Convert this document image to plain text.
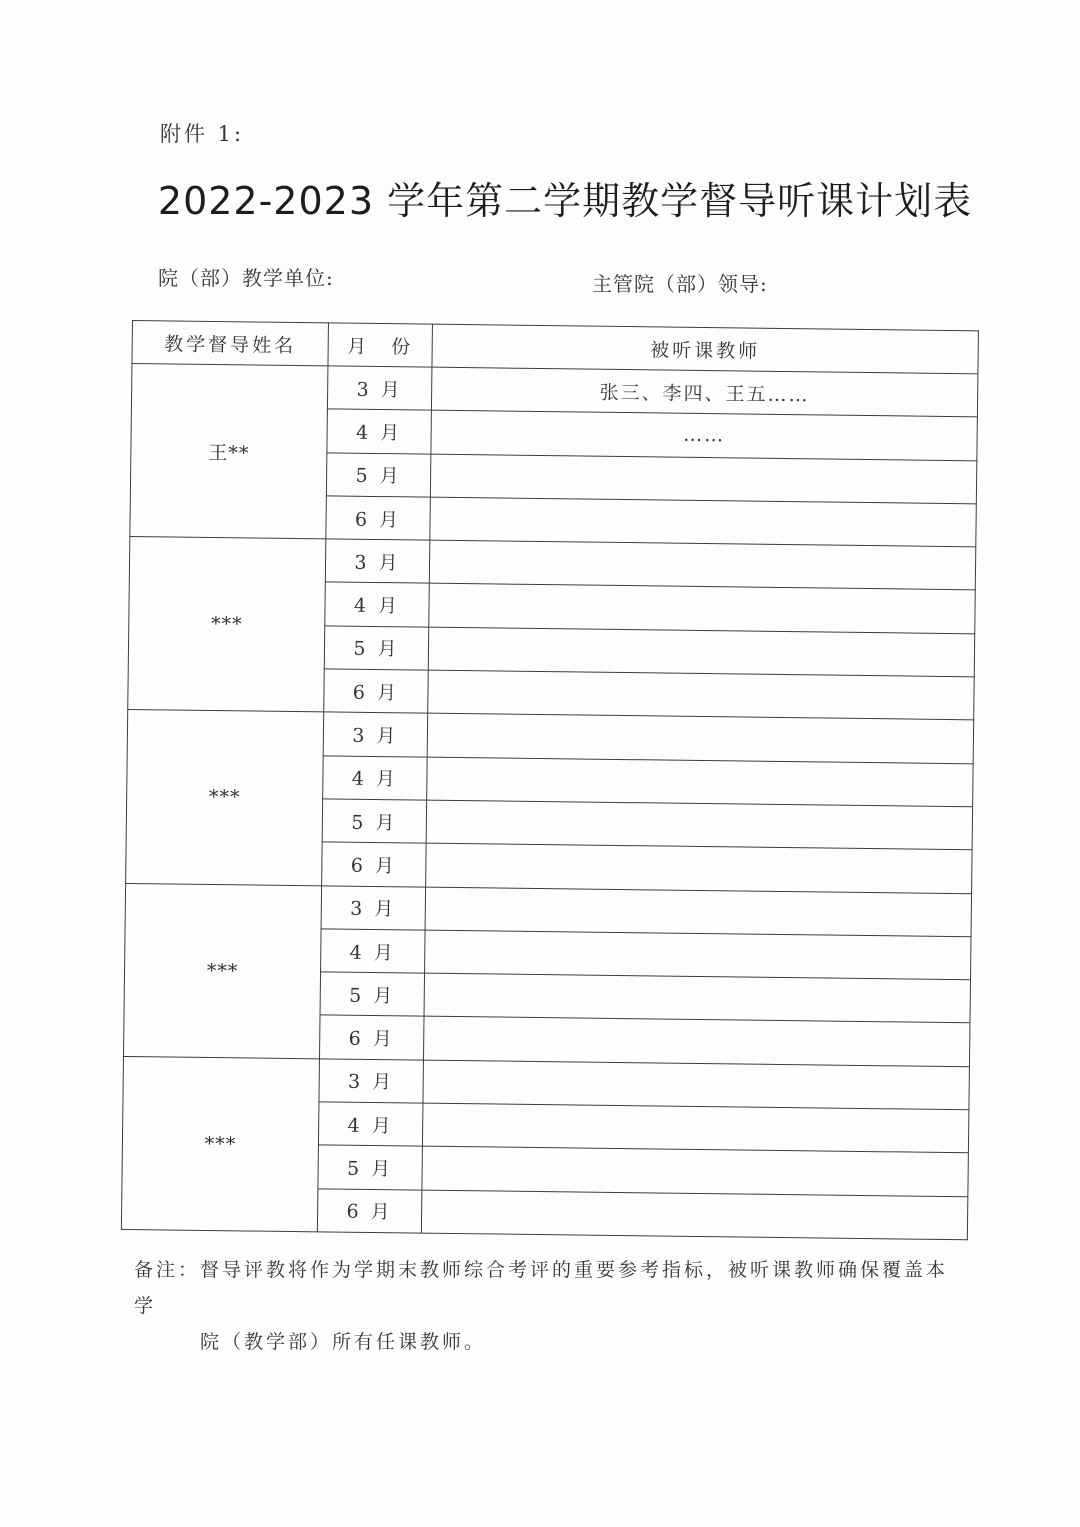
附件 1:
2022-2023 学年第二学期教学督导听课计划表
院（部）教学单位:	主管院（部）领导:
教学督导姓名	月　份	被听课教师
王**	3 月	张三、李四、王五……
	4 月	……
	5 月	
	6 月	
***	3 月	
	4 月	
	5 月	
	6 月	
***	3 月	
	4 月	
	5 月	
	6 月	
***	3 月	
	4 月	
	5 月	
	6 月	
***	3 月	
	4 月	
	5 月	
	6 月	
备注：督导评教将作为学期末教师综合考评的重要参考指标，被听课教师确保覆盖本学
院（教学部）所有任课教师。
